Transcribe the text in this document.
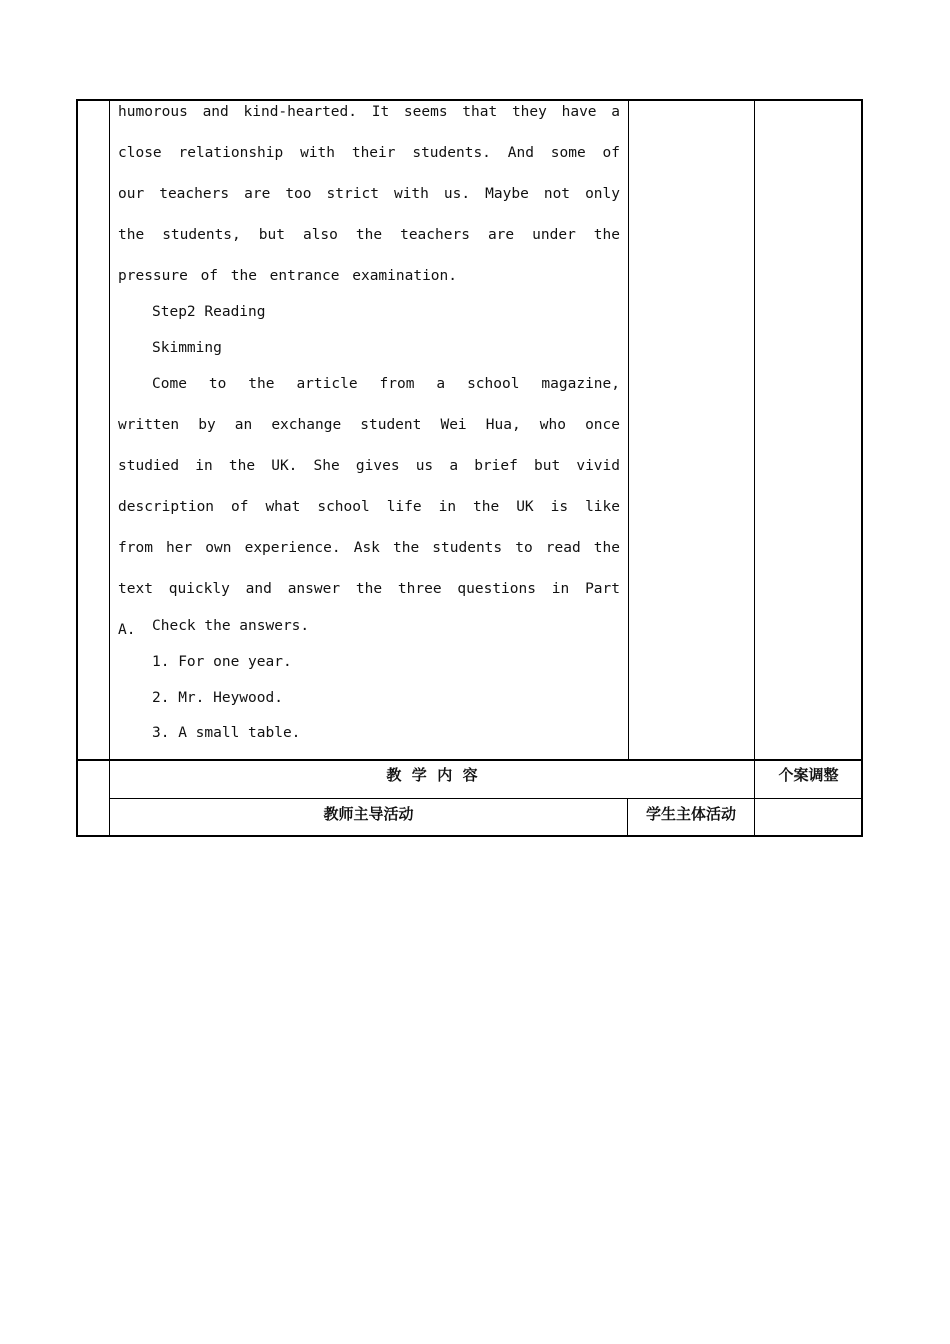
humorous and kind-hearted. It seems that they have a close relationship with their students. And some of our teachers are too strict with us. Maybe not only the students, but also the teachers are under the pressure of the entrance examination.

Step2 Reading

Skimming

Come to the article from a school magazine, written by an exchange student Wei Hua, who once studied in the UK. She gives us a brief but vivid description of what school life in the UK is like from her own experience. Ask the students to read the text quickly and answer the three questions in Part A.	Check the answers.

1. For one year.

2. Mr. Heywood.

3. A small table.

教  学  内  容	个案调整
教师主导活动	学生主体活动
